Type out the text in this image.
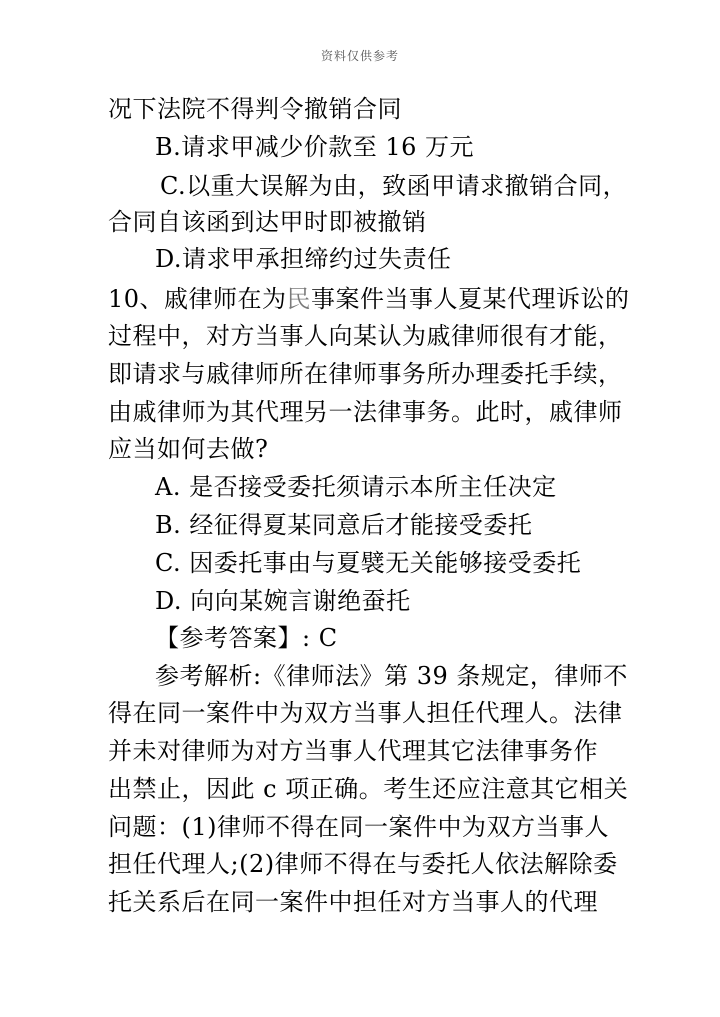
资料仅供参考
况下法院不得判令撤销合同
B.请求甲减少价款至 16 万元
C.以重大误解为由，致函甲请求撤销合同，
合同自该函到达甲时即被撤销
D.请求甲承担缔约过失责任
10、戚律师在为民事案件当事人夏某代理诉讼的
过程中，对方当事人向某认为戚律师很有才能，
即请求与戚律师所在律师事务所办理委托手续，
由戚律师为其代理另一法律事务。此时，戚律师
应当如何去做?
A. 是否接受委托须请示本所主任决定
B. 经征得夏某同意后才能接受委托
C. 因委托事由与夏襞无关能够接受委托
D. 向向某婉言谢绝蚕托
【参考答案】: C
参考解析:《律师法》第 39 条规定，律师不
得在同一案件中为双方当事人担任代理人。法律
并未对律师为对方当事人代理其它法律事务作
出禁止，因此 c 项正确。考生还应注意其它相关
问题：(1)律师不得在同一案件中为双方当事人
担任代理人;(2)律师不得在与委托人依法解除委
托关系后在同一案件中担任对方当事人的代理
